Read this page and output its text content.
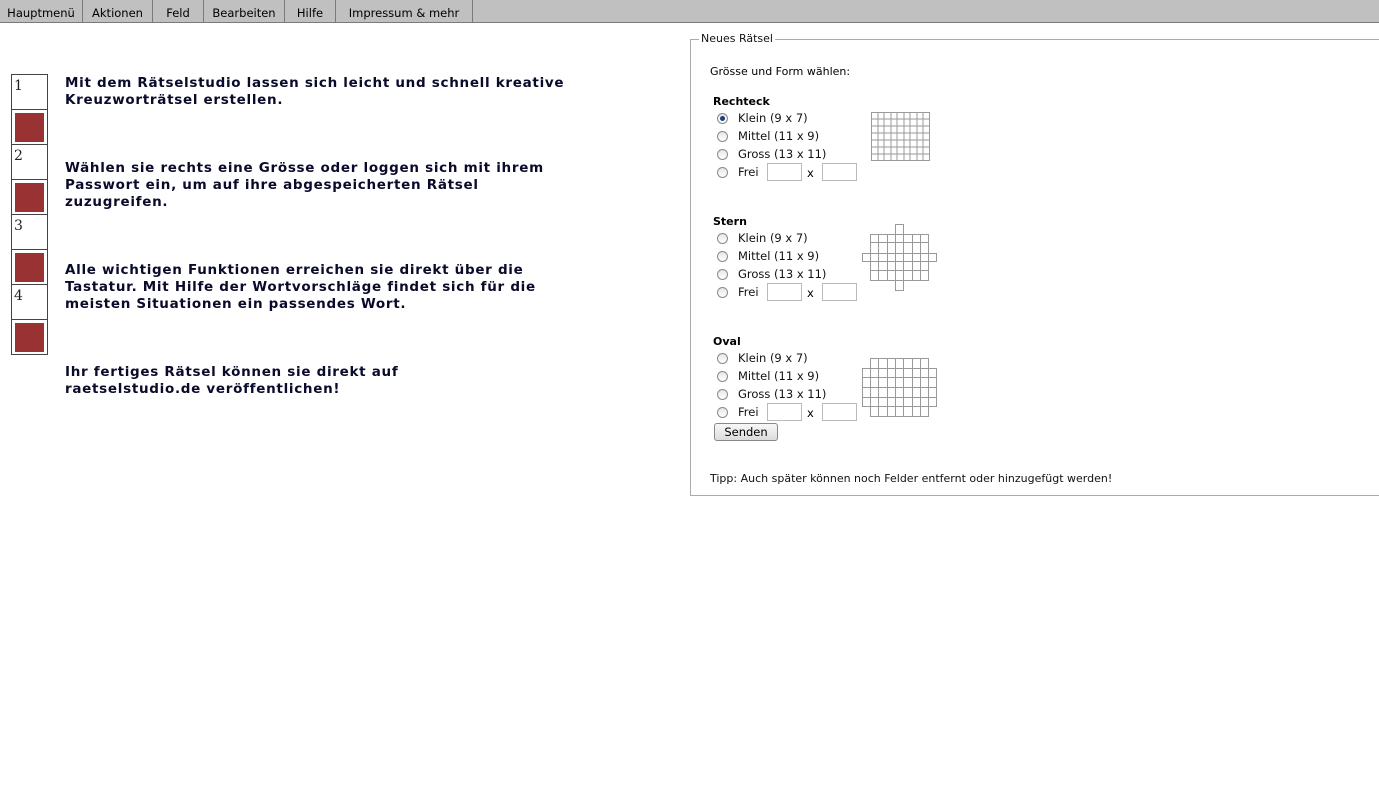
Hauptmenü	Aktionen	Feld	Bearbeiten	Hilfe	Impressum & mehr
1
2
3
4

Mit dem Rätselstudio lassen sich leicht und schnell kreative Kreuzworträtsel erstellen.

Wählen sie rechts eine Grösse oder loggen sich mit ihrem Passwort ein, um auf ihre abgespeicherten Rätsel zuzugreifen.

Alle wichtigen Funktionen erreichen sie direkt über die Tastatur. Mit Hilfe der Wortvorschläge findet sich für die meisten Situationen ein passendes Wort.

Ihr fertiges Rätsel können sie direkt auf raetselstudio.de veröffentlichen!

Neues Rätsel
Grösse und Form wählen:
Rechteck
Klein (9 x 7)
Mittel (11 x 9)
Gross (13 x 11)
Frei	x
Stern
Klein (9 x 7)
Mittel (11 x 9)
Gross (13 x 11)
Frei	x
Oval
Klein (9 x 7)
Mittel (11 x 9)
Gross (13 x 11)
Frei	x
Senden
Tipp: Auch später können noch Felder entfernt oder hinzugefügt werden!
